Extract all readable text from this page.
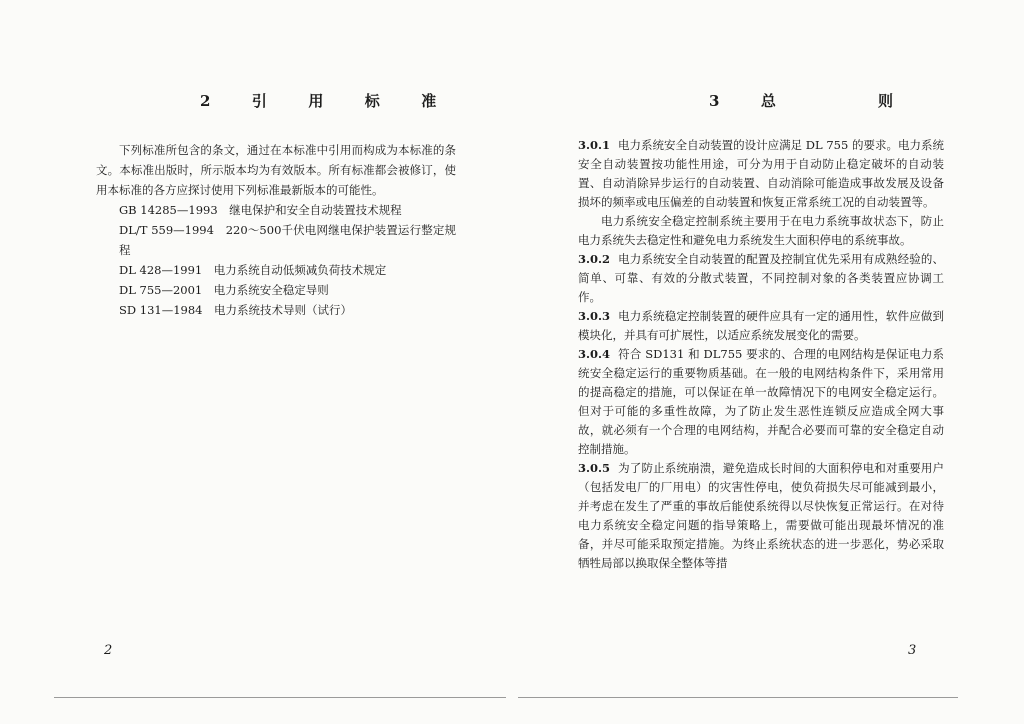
2  引  用  标  准

下列标准所包含的条文，通过在本标准中引用而构成为本标准的条文。本标准出版时，所示版本均为有效版本。所有标准都会被修订，使用本标准的各方应探讨使用下列标准最新版本的可能性。

GB 14285—1993　继电保护和安全自动装置技术规程

DL/T 559—1994　220～500千伏电网继电保护装置运行整定规程

DL 428—1991　电力系统自动低频减负荷技术规定

DL 755—2001　电力系统安全稳定导则

SD 131—1984　电力系统技术导则（试行）

2
3  总     则

3.0.1 电力系统安全自动装置的设计应满足 DL 755 的要求。电力系统安全自动装置按功能性用途，可分为用于自动防止稳定破坏的自动装置、自动消除异步运行的自动装置、自动消除可能造成事故发展及设备损坏的频率或电压偏差的自动装置和恢复正常系统工况的自动装置等。

电力系统安全稳定控制系统主要用于在电力系统事故状态下，防止电力系统失去稳定性和避免电力系统发生大面积停电的系统事故。

3.0.2 电力系统安全自动装置的配置及控制宜优先采用有成熟经验的、简单、可靠、有效的分散式装置，不同控制对象的各类装置应协调工作。

3.0.3 电力系统稳定控制装置的硬件应具有一定的通用性，软件应做到模块化，并具有可扩展性，以适应系统发展变化的需要。

3.0.4 符合 SD131 和 DL755 要求的、合理的电网结构是保证电力系统安全稳定运行的重要物质基础。在一般的电网结构条件下，采用常用的提高稳定的措施，可以保证在单一故障情况下的电网安全稳定运行。但对于可能的多重性故障，为了防止发生恶性连锁反应造成全网大事故，就必须有一个合理的电网结构，并配合必要而可靠的安全稳定自动控制措施。

3.0.5 为了防止系统崩溃，避免造成长时间的大面积停电和对重要用户（包括发电厂的厂用电）的灾害性停电，使负荷损失尽可能减到最小，并考虑在发生了严重的事故后能使系统得以尽快恢复正常运行。在对待电力系统安全稳定问题的指导策略上，需要做可能出现最坏情况的准备，并尽可能采取预定措施。为终止系统状态的进一步恶化，势必采取牺牲局部以换取保全整体等措

3
